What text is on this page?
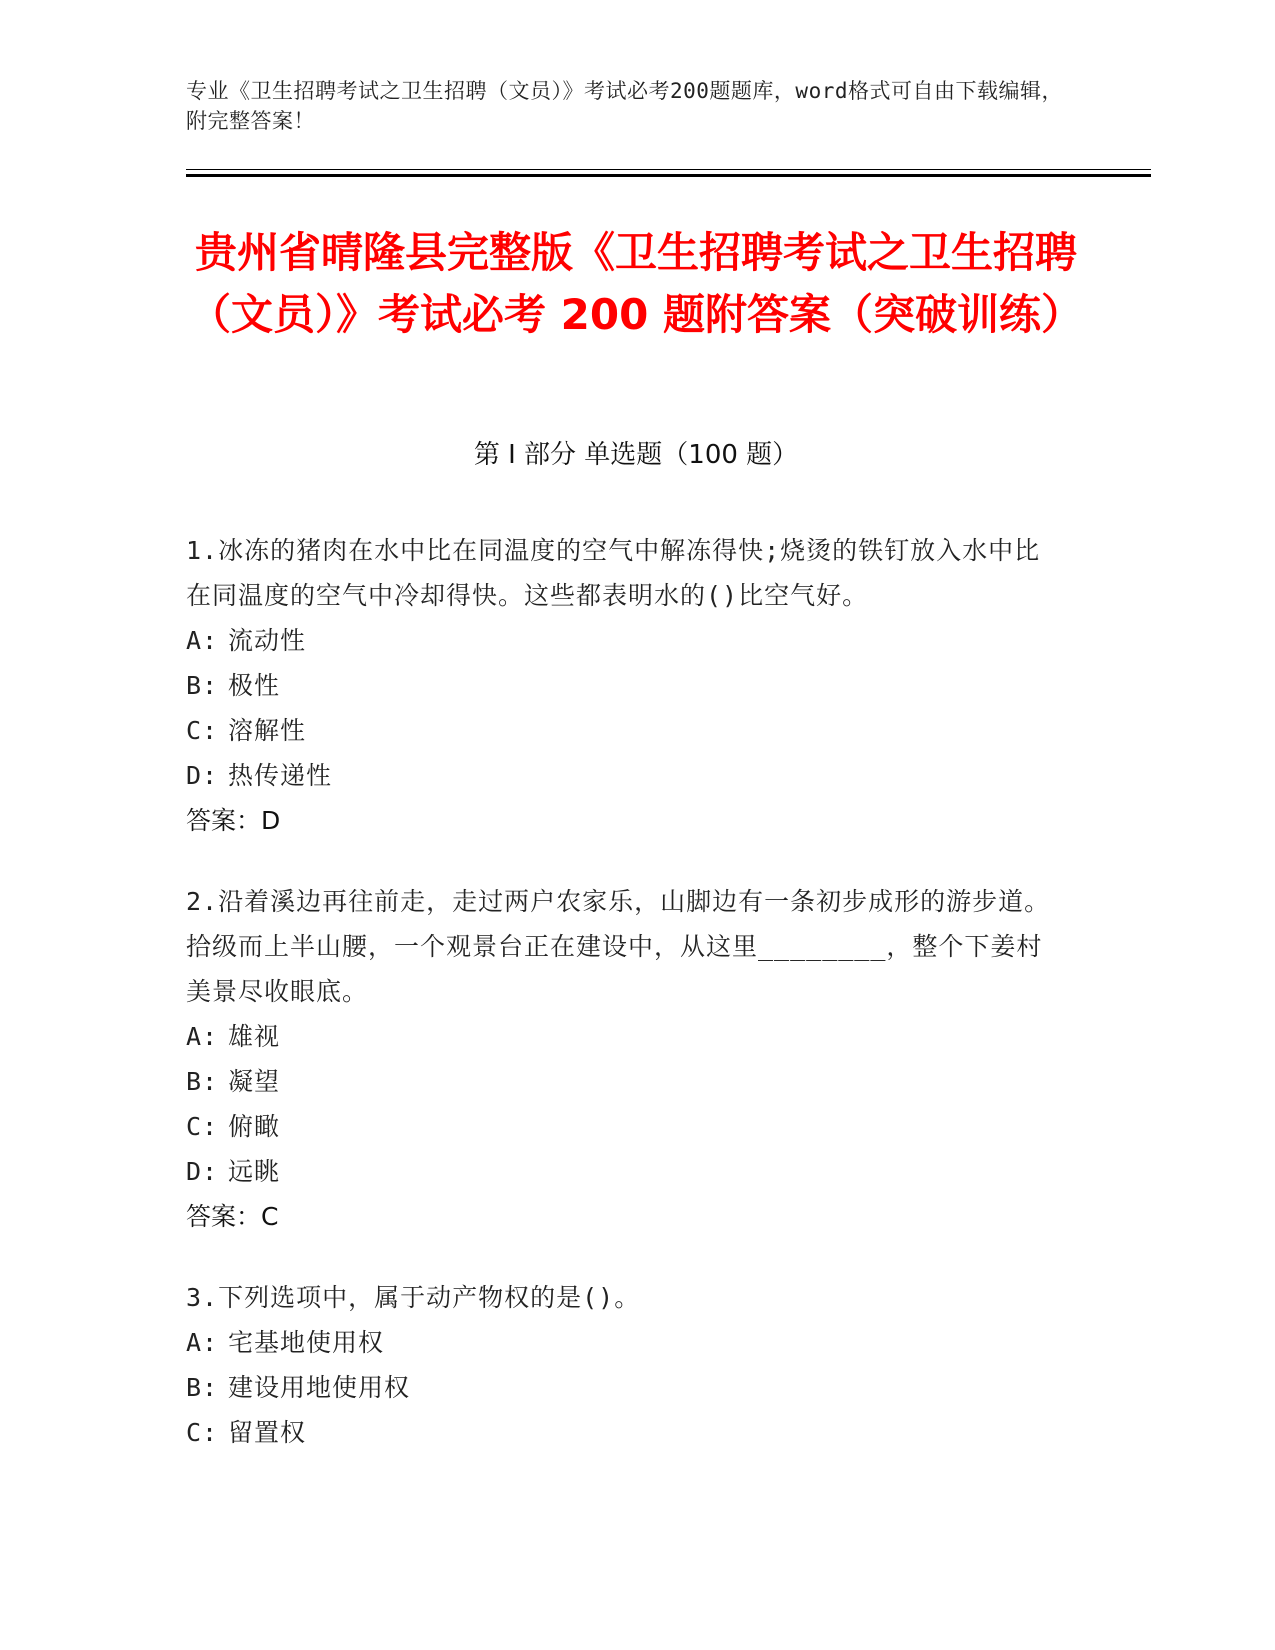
专业《卫生招聘考试之卫生招聘（文员）》考试必考200题题库，word格式可自由下载编辑，附完整答案！
贵州省晴隆县完整版《卫生招聘考试之卫生招聘（文员）》考试必考 200 题附答案（突破训练）
第 I 部分 单选题（100 题）

1.冰冻的猪肉在水中比在同温度的空气中解冻得快;烧烫的铁钉放入水中比在同温度的空气中冷却得快。这些都表明水的()比空气好。

A: 流动性

B: 极性

C: 溶解性

D: 热传递性

答案：D

2.沿着溪边再往前走，走过两户农家乐，山脚边有一条初步成形的游步道。拾级而上半山腰，一个观景台正在建设中，从这里________，整个下姜村美景尽收眼底。

A: 雄视

B: 凝望

C: 俯瞰

D: 远眺

答案：C

3.下列选项中，属于动产物权的是()。

A: 宅基地使用权

B: 建设用地使用权

C: 留置权
